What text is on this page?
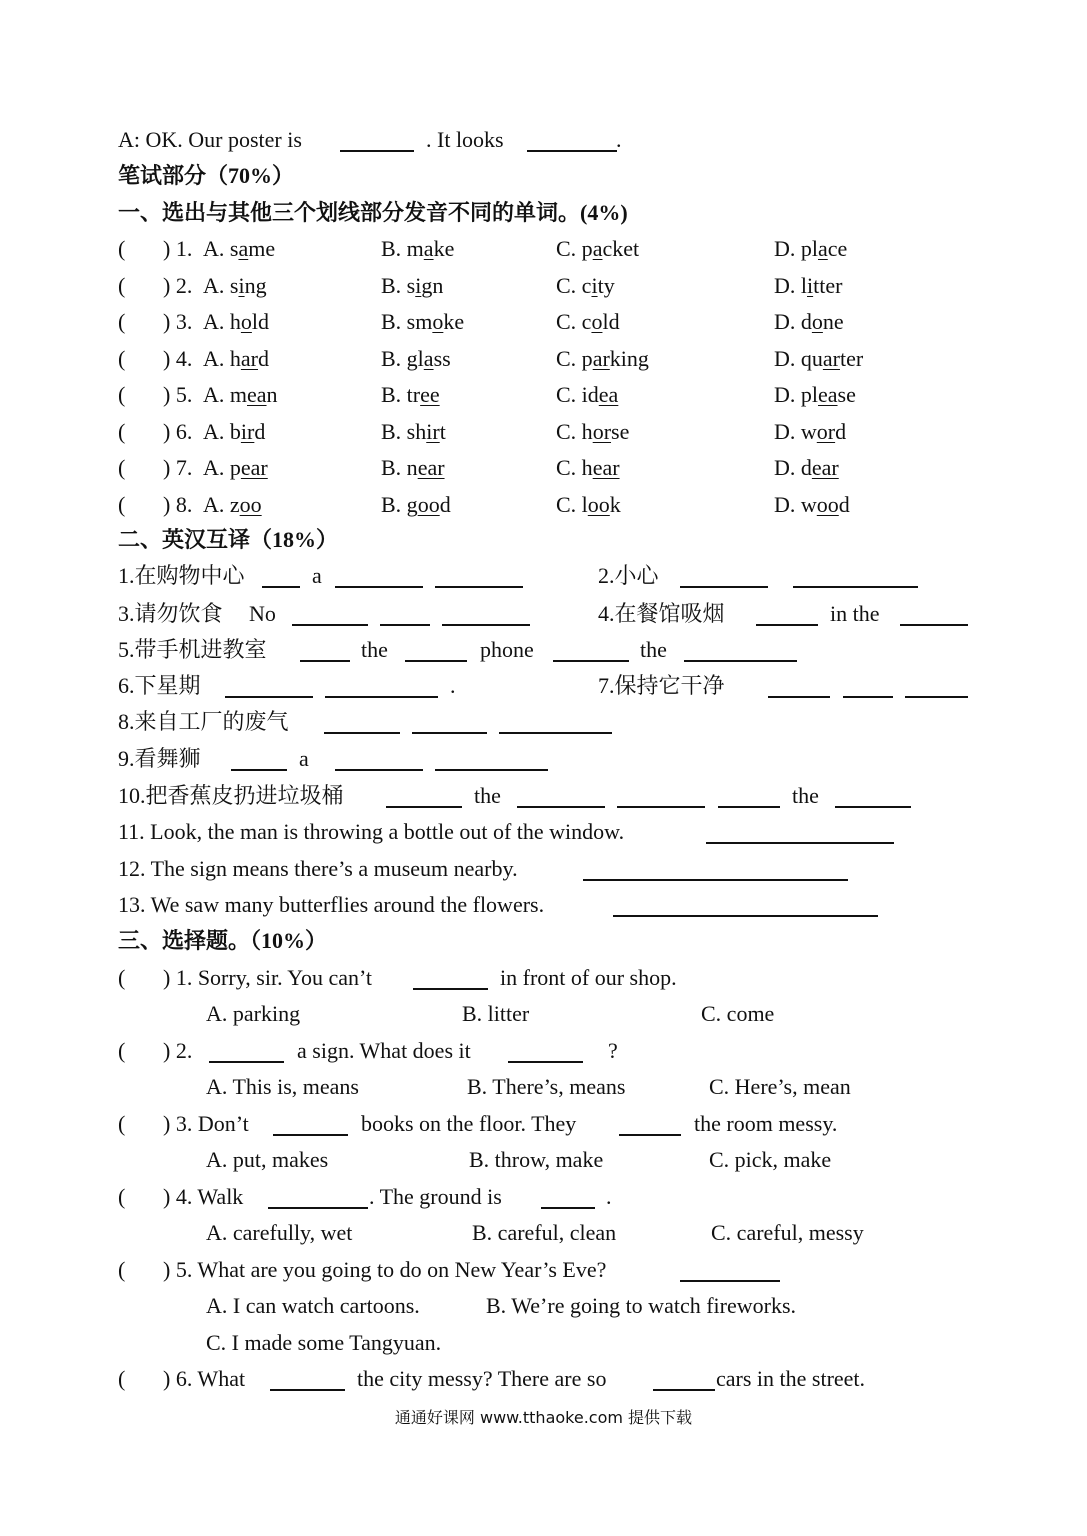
A: OK. Our poster is	. It looks	.
笔试部分（70%）
一、选出与其他三个划线部分发音不同的单词。(4%)
( ) 1. A. same	B. make	C. packet	D. place
( ) 2. A. sing	B. sign	C. city	D. litter
( ) 3. A. hold	B. smoke	C. cold	D. done
( ) 4. A. hard	B. glass	C. parking	D. quarter
( ) 5. A. mean	B. tree	C. idea	D. please
( ) 6. A. bird	B. shirt	C. horse	D. word
( ) 7. A. pear	B. near	C. hear	D. dear
( ) 8. A. zoo	B. good	C. look	D. wood
二、英汉互译（18%）
1.在购物中心	a	2.小心
3.请勿饮食 No	4.在餐馆吸烟	in the
5.带手机进教室	the	phone	the
6.下星期	.	7.保持它干净
8.来自工厂的废气
9.看舞狮	a
10.把香蕉皮扔进垃圾桶	the	the
11. Look, the man is throwing a bottle out of the window.
12. The sign means there’s a museum nearby.
13. We saw many butterflies around the flowers.
三、选择题。（10%）
( ) 1. Sorry, sir. You can’t	in front of our shop.
A. parking	B. litter	C. come
( ) 2.	a sign. What does it	?
A. This is, means	B. There’s, means	C. Here’s, mean
( ) 3. Don’t	books on the floor. They	the room messy.
A. put, makes	B. throw, make	C. pick, make
( ) 4. Walk	. The ground is	.
A. carefully, wet	B. careful, clean	C. careful, messy
( ) 5. What are you going to do on New Year’s Eve?
A. I can watch cartoons.	B. We’re going to watch fireworks.
C. I made some Tangyuan.
( ) 6. What	the city messy? There are so	cars in the street.
通通好课网 www.tthaoke.com 提供下载
